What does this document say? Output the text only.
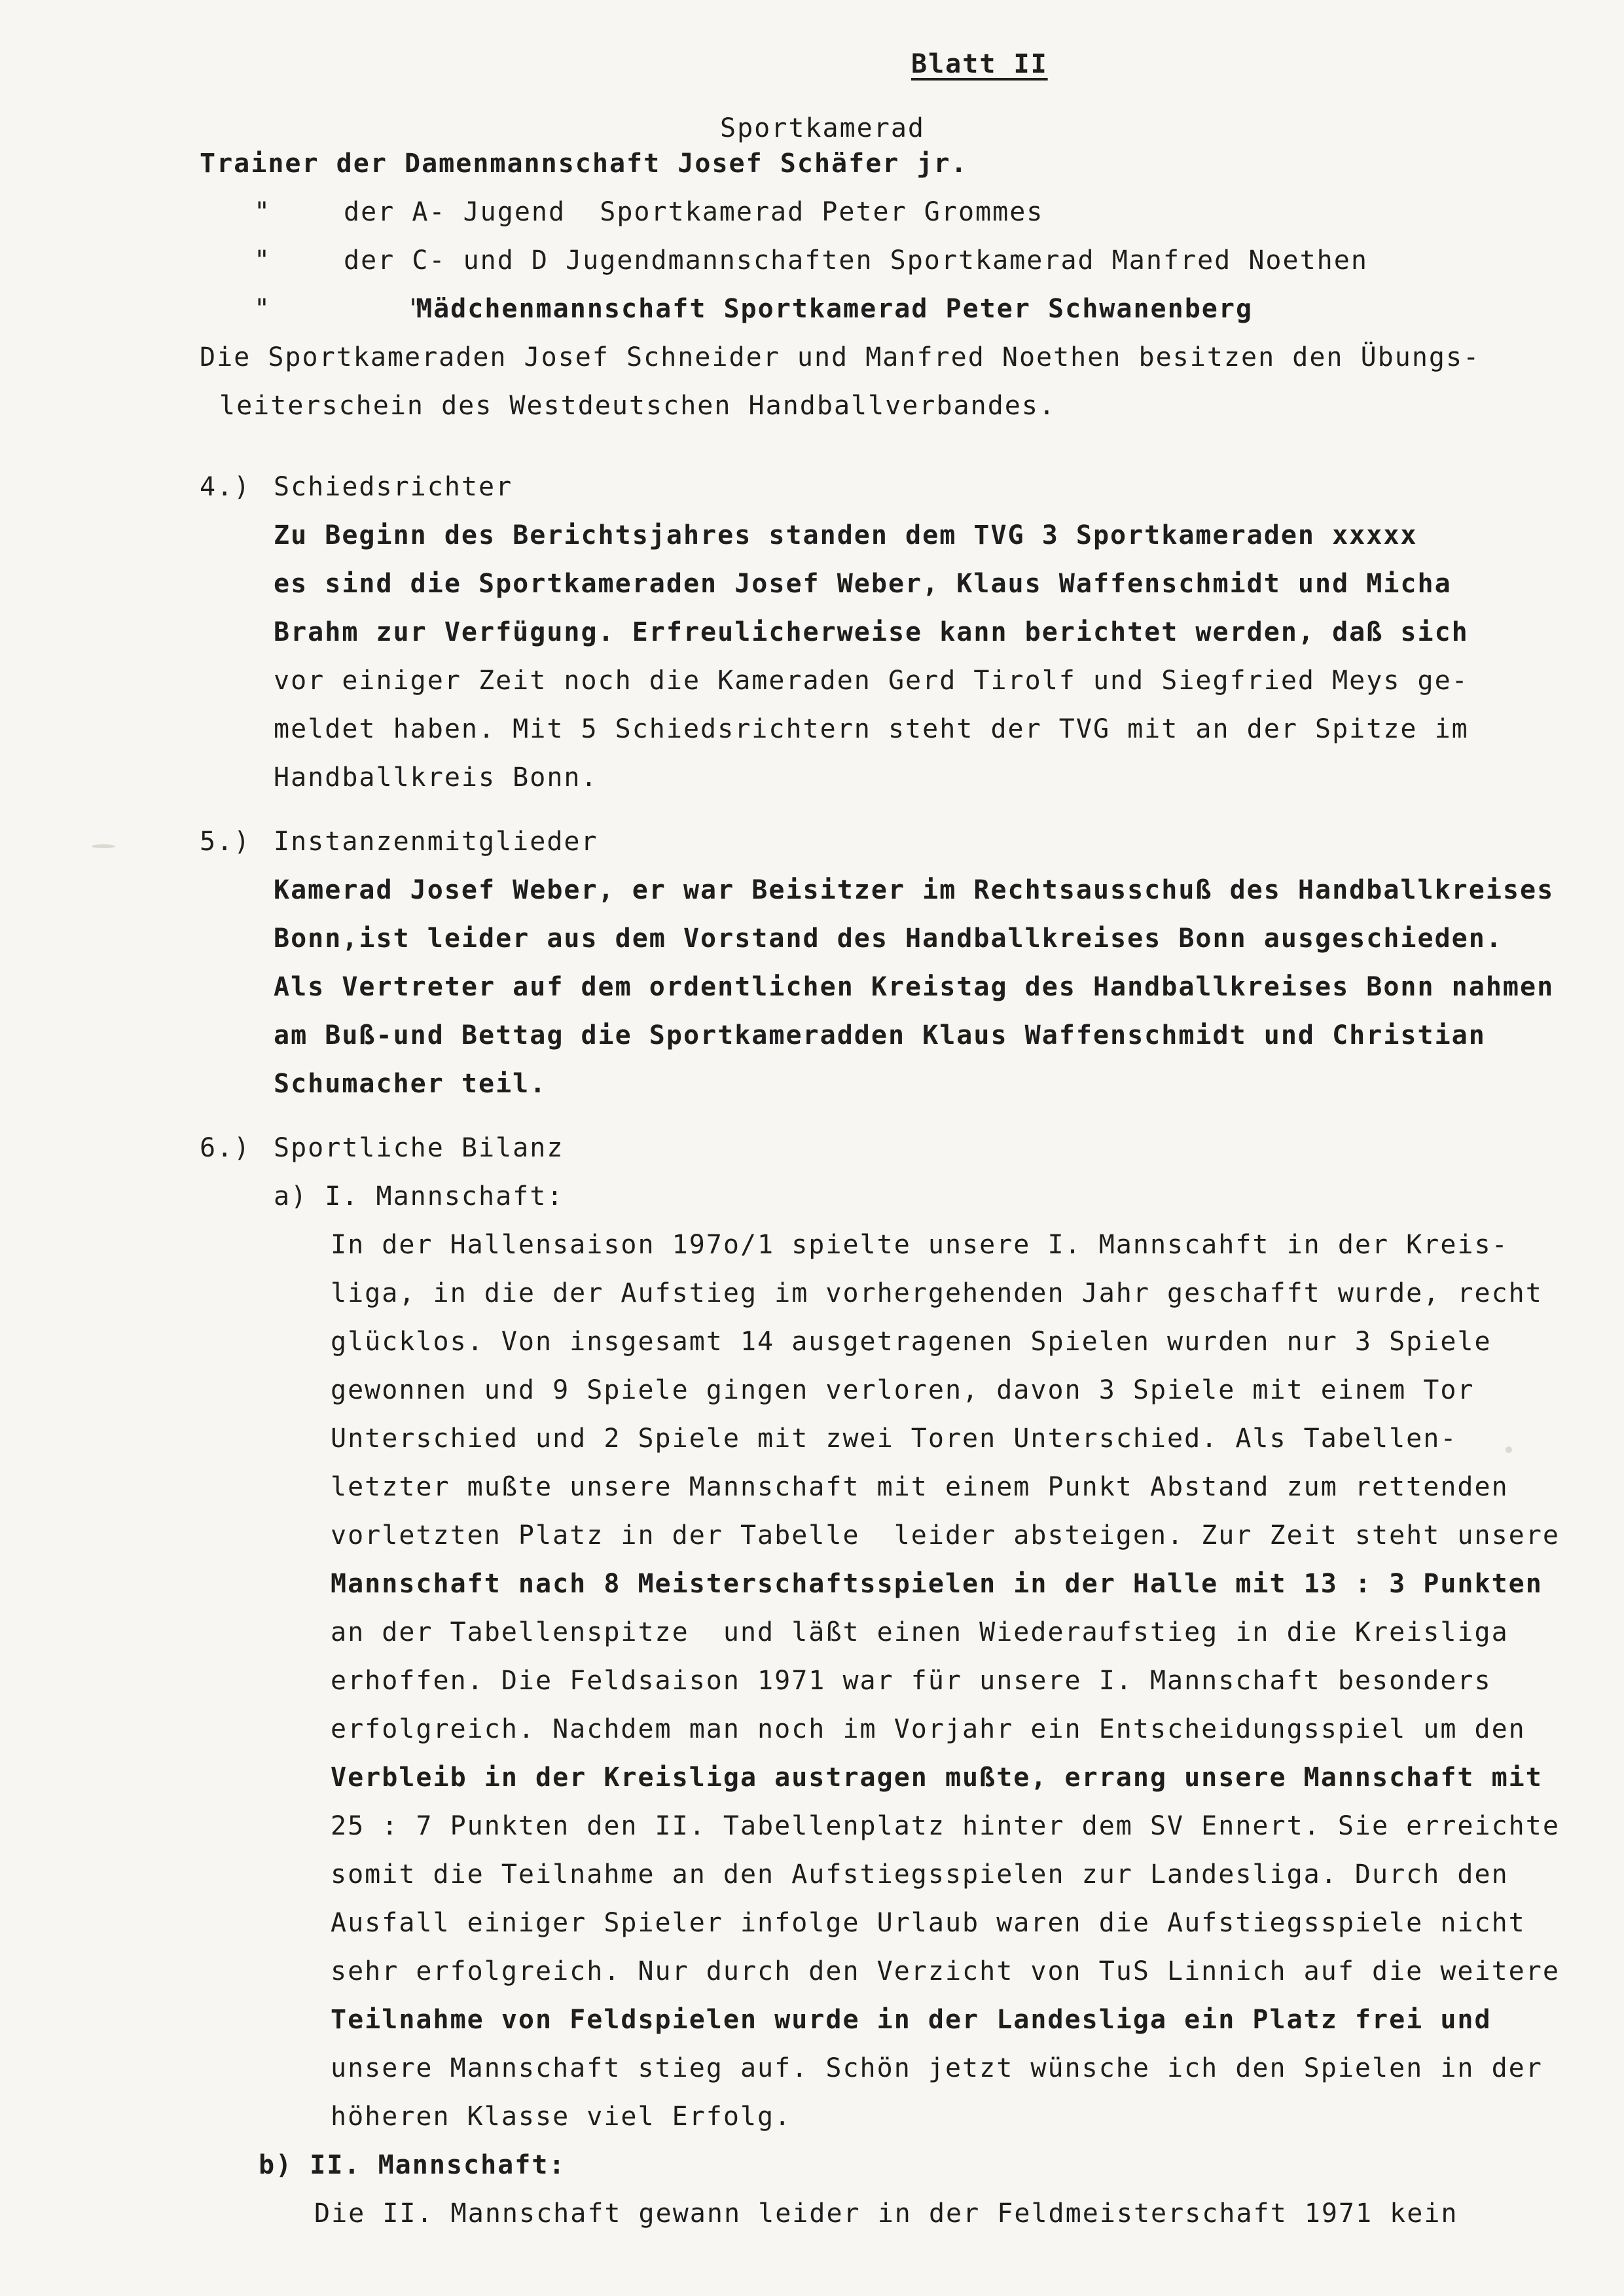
Blatt II
Sportkamerad
Trainer der Damenmannschaft Josef Schäfer jr.
"	der A- Jugend  Sportkamerad Peter Grommes
"	der C- und D Jugendmannschaften Sportkamerad Manfred Noethen
"        "
Mädchenmannschaft Sportkamerad Peter Schwanenberg
Die Sportkameraden Josef Schneider und Manfred Noethen besitzen den Übungs-
leiterschein des Westdeutschen Handballverbandes.
4.) Schiedsrichter
Zu Beginn des Berichtsjahres standen dem TVG 3 Sportkameraden xxxxx
es sind die Sportkameraden Josef Weber, Klaus Waffenschmidt und Micha
Brahm zur Verfügung. Erfreulicherweise kann berichtet werden, daß sich
vor einiger Zeit noch die Kameraden Gerd Tirolf und Siegfried Meys ge-
meldet haben. Mit 5 Schiedsrichtern steht der TVG mit an der Spitze im
Handballkreis Bonn.
5.) Instanzenmitglieder
Kamerad Josef Weber, er war Beisitzer im Rechtsausschuß des Handballkreises
Bonn,ist leider aus dem Vorstand des Handballkreises Bonn ausgeschieden.
Als Vertreter auf dem ordentlichen Kreistag des Handballkreises Bonn nahmen
am Buß-und Bettag die Sportkameradden Klaus Waffenschmidt und Christian
Schumacher teil.
6.) Sportliche Bilanz
a) I. Mannschaft:
In der Hallensaison 197o/1 spielte unsere I. Mannscahft in der Kreis-
liga, in die der Aufstieg im vorhergehenden Jahr geschafft wurde, recht
glücklos. Von insgesamt 14 ausgetragenen Spielen wurden nur 3 Spiele
gewonnen und 9 Spiele gingen verloren, davon 3 Spiele mit einem Tor
Unterschied und 2 Spiele mit zwei Toren Unterschied. Als Tabellen-
letzter mußte unsere Mannschaft mit einem Punkt Abstand zum rettenden
vorletzten Platz in der Tabelle  leider absteigen. Zur Zeit steht unsere
Mannschaft nach 8 Meisterschaftsspielen in der Halle mit 13 : 3 Punkten
an der Tabellenspitze  und läßt einen Wiederaufstieg in die Kreisliga
erhoffen. Die Feldsaison 1971 war für unsere I. Mannschaft besonders
erfolgreich. Nachdem man noch im Vorjahr ein Entscheidungsspiel um den
Verbleib in der Kreisliga austragen mußte, errang unsere Mannschaft mit
25 : 7 Punkten den II. Tabellenplatz hinter dem SV Ennert. Sie erreichte
somit die Teilnahme an den Aufstiegsspielen zur Landesliga. Durch den
Ausfall einiger Spieler infolge Urlaub waren die Aufstiegsspiele nicht
sehr erfolgreich. Nur durch den Verzicht von TuS Linnich auf die weitere
Teilnahme von Feldspielen wurde in der Landesliga ein Platz frei und
unsere Mannschaft stieg auf. Schön jetzt wünsche ich den Spielen in der
höheren Klasse viel Erfolg.
b) II. Mannschaft:
Die II. Mannschaft gewann leider in der Feldmeisterschaft 1971 kein
